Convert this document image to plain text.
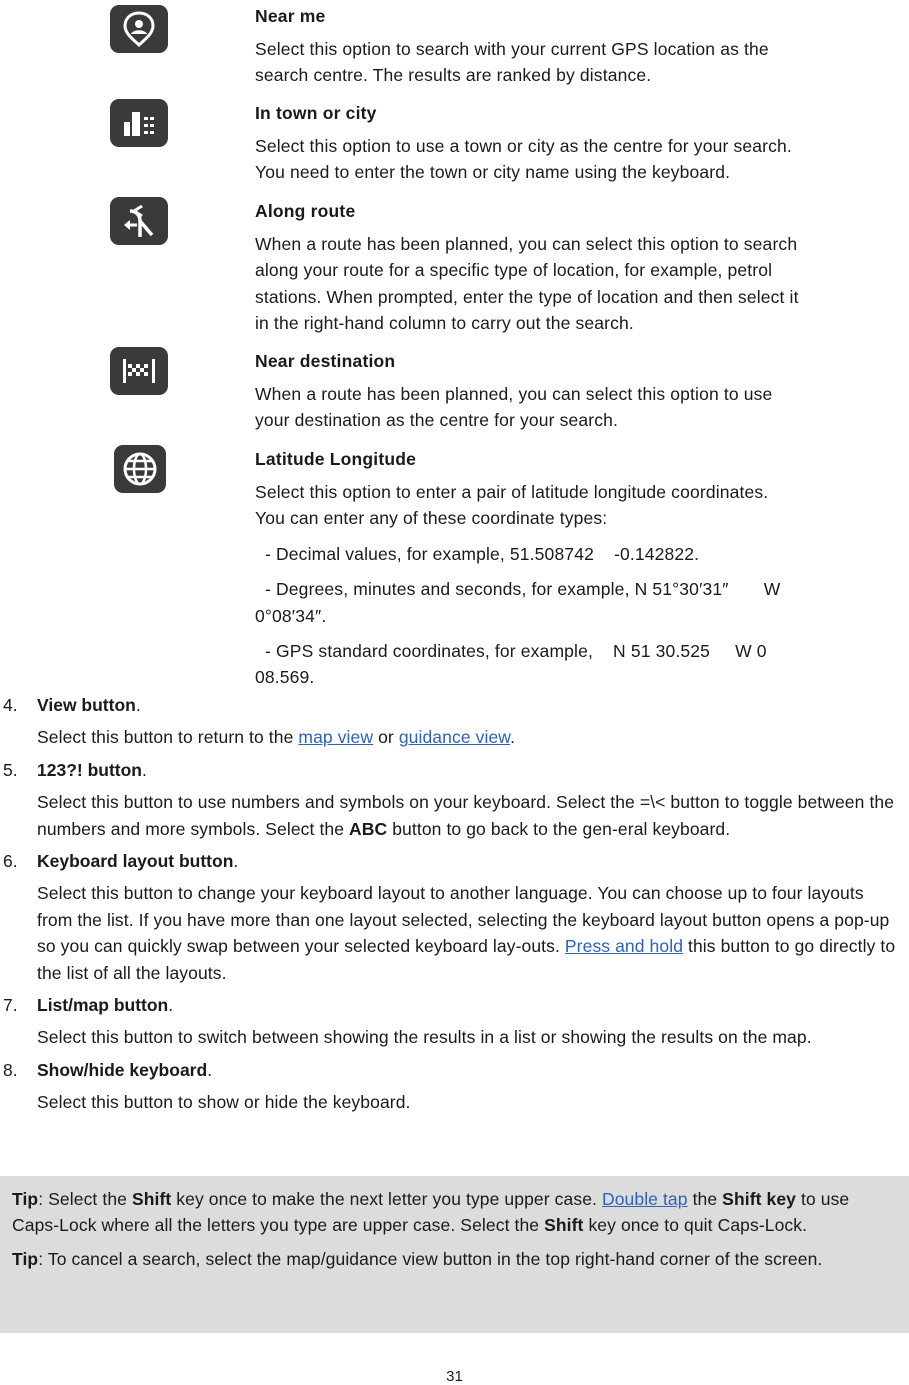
Near me

Select this option to search with your current GPS location as the
search centre. The results are ranked by distance.

In town or city

Select this option to use a town or city as the centre for your search.
You need to enter the town or city name using the keyboard.

Along route

When a route has been planned, you can select this option to search
along your route for a specific type of location, for example, petrol
stations. When prompted, enter the type of location and then select it
in the right-hand column to carry out the search.

Near destination

When a route has been planned, you can select this option to use
your destination as the centre for your search.

Latitude Longitude

Select this option to enter a pair of latitude longitude coordinates.
You can enter any of these coordinate types:

- Decimal values, for example, 51.508742    -0.142822.

- Degrees, minutes and seconds, for example, N 51°30′31″       W
0°08′34″.

- GPS standard coordinates, for example,    N 51 30.525     W 0
08.569.

4. View button.

Select this button to return to the map view or guidance view.

5. 123?! button.

Select this button to use numbers and symbols on your keyboard. Select the =\< button to toggle between the numbers and more symbols. Select the ABC button to go back to the gen-eral keyboard.

6. Keyboard layout button.

Select this button to change your keyboard layout to another language. You can choose up to four layouts from the list. If you have more than one layout selected, selecting the keyboard layout button opens a pop-up so you can quickly swap between your selected keyboard lay-outs. Press and hold this button to go directly to the list of all the layouts.

7. List/map button.

Select this button to switch between showing the results in a list or showing the results on the map.

8. Show/hide keyboard.

Select this button to show or hide the keyboard.

Tip: Select the Shift key once to make the next letter you type upper case. Double tap the Shift key to use Caps-Lock where all the letters you type are upper case. Select the Shift key once to quit Caps-Lock.

Tip: To cancel a search, select the map/guidance view button in the top right-hand corner of the screen.

31
